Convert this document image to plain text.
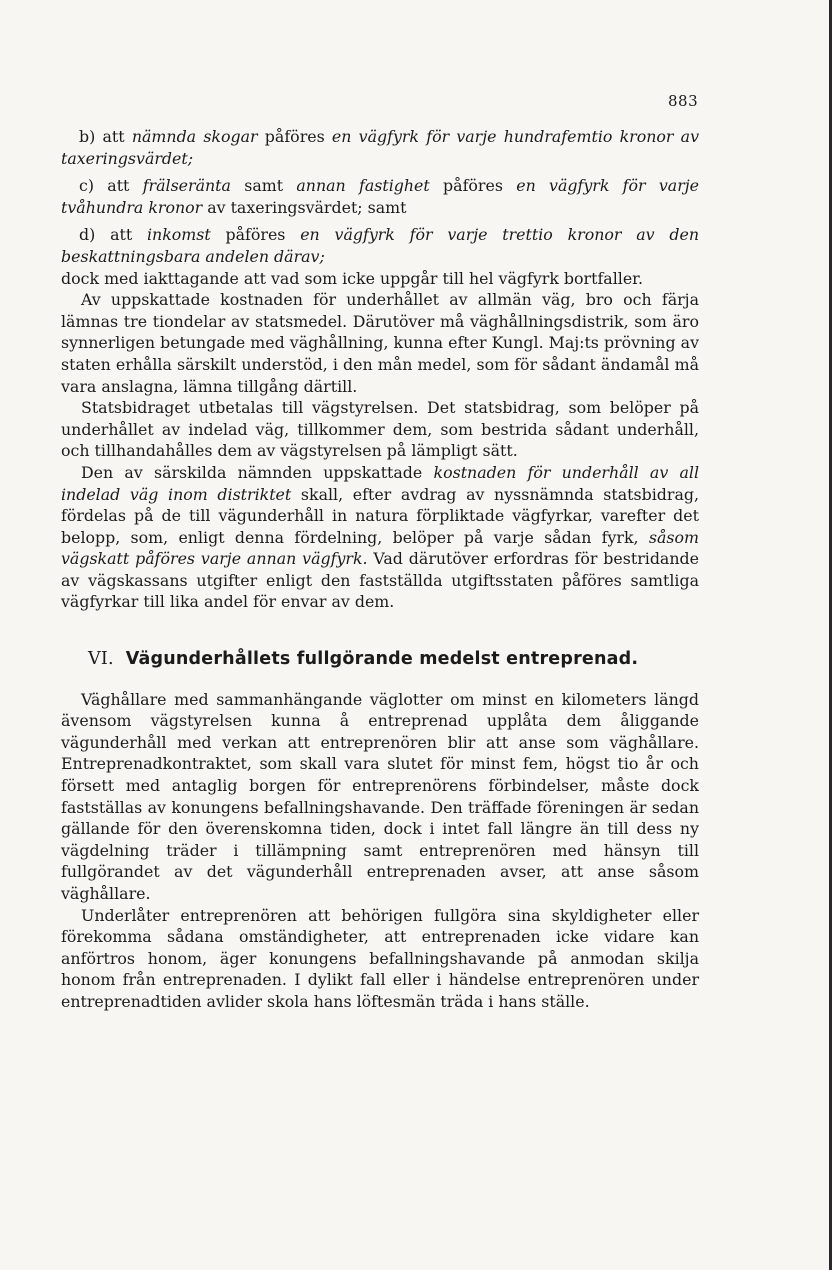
883

b) att nämnda skogar påföres en vägfyrk för varje hundrafemtio kronor av taxeringsvärdet;

c) att frälseränta samt annan fastighet påföres en vägfyrk för varje tvåhundra kronor av taxeringsvärdet; samt

d) att inkomst påföres en vägfyrk för varje trettio kronor av den beskattningsbara andelen därav;

dock med iakttagande att vad som icke uppgår till hel vägfyrk bortfaller.

Av uppskattade kostnaden för underhållet av allmän väg, bro och färja lämnas tre tiondelar av statsmedel. Därutöver må väghållningsdistrik, som äro synnerligen betungade med väghållning, kunna efter Kungl. Maj:ts prövning av staten erhålla särskilt understöd, i den mån medel, som för sådant ändamål må vara anslagna, lämna tillgång därtill.

Statsbidraget utbetalas till vägstyrelsen. Det statsbidrag, som belöper på underhållet av indelad väg, tillkommer dem, som bestrida sådant underhåll, och tillhandahålles dem av vägstyrelsen på lämpligt sätt.

Den av särskilda nämnden uppskattade kostnaden för underhåll av all indelad väg inom distriktet skall, efter avdrag av nyssnämnda statsbidrag, fördelas på de till vägunderhåll in natura förpliktade vägfyrkar, varefter det belopp, som, enligt denna fördelning, belöper på varje sådan fyrk, såsom vägskatt påföres varje annan vägfyrk. Vad därutöver erfordras för bestridande av vägskassans utgifter enligt den fastställda utgiftsstaten påföres samtliga vägfyrkar till lika andel för envar av dem.

VI. Vägunderhållets fullgörande medelst entreprenad.

Väghållare med sammanhängande väglotter om minst en kilometers längd ävensom vägstyrelsen kunna å entreprenad upplåta dem åliggande vägunderhåll med verkan att entreprenören blir att anse som väghållare. Entreprenadkontraktet, som skall vara slutet för minst fem, högst tio år och försett med antaglig borgen för entreprenörens förbindelser, måste dock fastställas av konungens befallningshavande. Den träffade föreningen är sedan gällande för den överenskomna tiden, dock i intet fall längre än till dess ny vägdelning träder i tillämpning samt entreprenören med hänsyn till fullgörandet av det vägunderhåll entreprenaden avser, att anse såsom väghållare.

Underlåter entreprenören att behörigen fullgöra sina skyldigheter eller förekomma sådana omständigheter, att entreprenaden icke vidare kan anförtros honom, äger konungens befallningshavande på anmodan skilja honom från entreprenaden. I dylikt fall eller i händelse entreprenören under entreprenadtiden avlider skola hans löftesmän träda i hans ställe.
